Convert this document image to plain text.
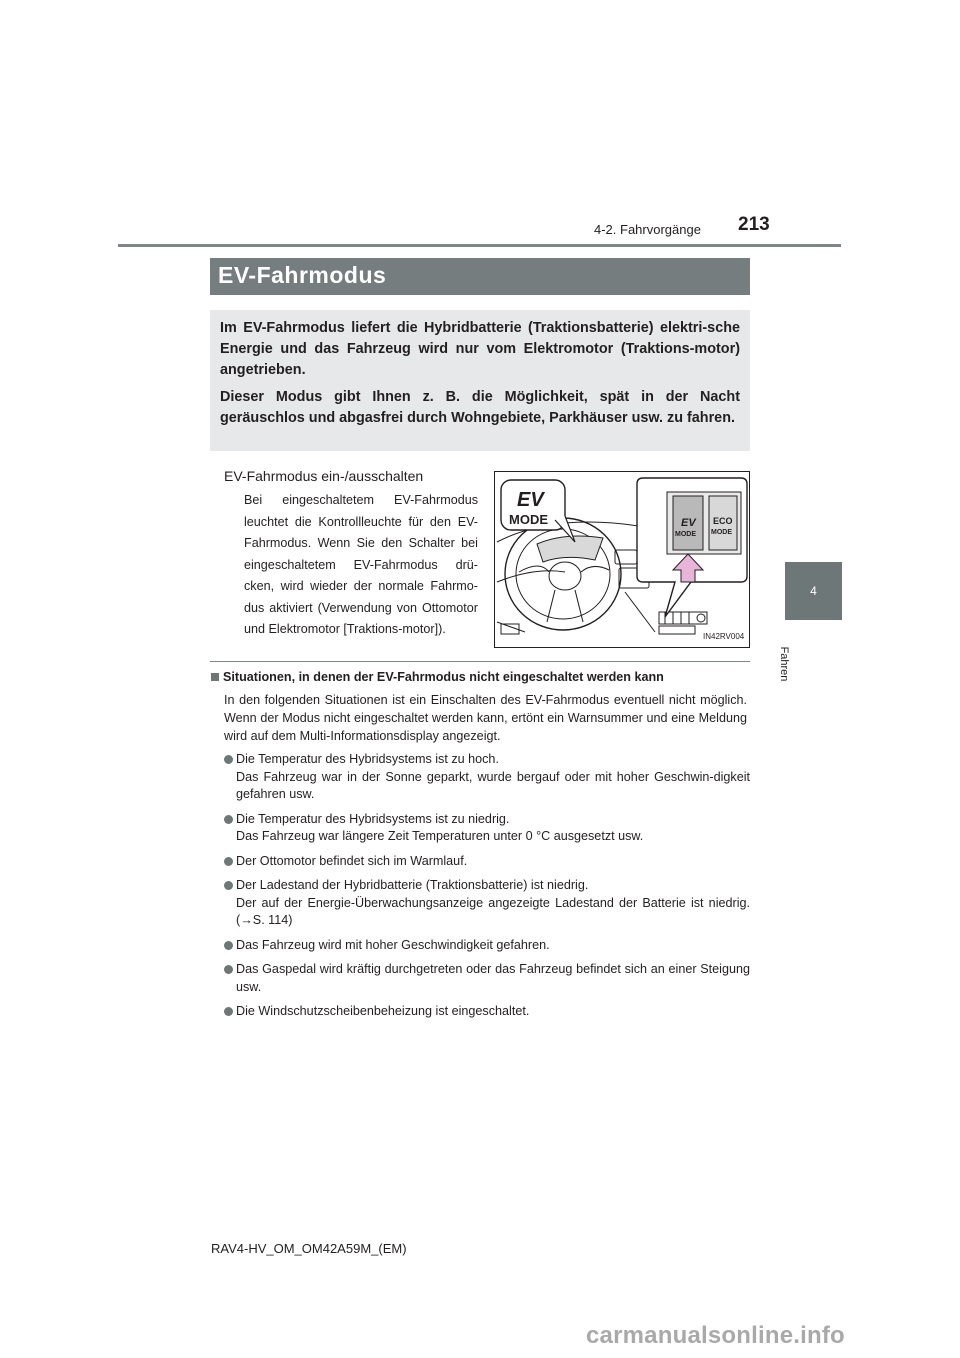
4-2. Fahrvorgänge 213
4
Fahren
EV-Fahrmodus

Im EV-Fahrmodus liefert die Hybridbatterie (Traktionsbatterie) elektri-sche Energie und das Fahrzeug wird nur vom Elektromotor (Traktions-motor) angetrieben.

Dieser Modus gibt Ihnen z. B. die Möglichkeit, spät in der Nacht geräuschlos und abgasfrei durch Wohngebiete, Parkhäuser usw. zu fahren.

EV-Fahrmodus ein-/ausschalten
Bei eingeschaltetem EV-Fahrmodus leuchtet die Kontrollleuchte für den EV-Fahrmodus. Wenn Sie den Schalter bei eingeschaltetem EV-Fahrmodus drü-cken, wird wieder der normale Fahrmo-dus aktiviert (Verwendung von Ottomotor und Elektromotor [Traktions-motor]).
EV
MODE	EV
MODE
ECO
MODE
IN42RV004
Situationen, in denen der EV-Fahrmodus nicht eingeschaltet werden kann
In den folgenden Situationen ist ein Einschalten des EV-Fahrmodus eventuell nicht möglich. Wenn der Modus nicht eingeschaltet werden kann, ertönt ein Warnsummer und eine Meldung wird auf dem Multi-Informationsdisplay angezeigt.

Die Temperatur des Hybridsystems ist zu hoch.

Das Fahrzeug war in der Sonne geparkt, wurde bergauf oder mit hoher Geschwin-digkeit gefahren usw.

Die Temperatur des Hybridsystems ist zu niedrig.

Das Fahrzeug war längere Zeit Temperaturen unter 0 °C ausgesetzt usw.

Der Ottomotor befindet sich im Warmlauf.

Der Ladestand der Hybridbatterie (Traktionsbatterie) ist niedrig.

Der auf der Energie-Überwachungsanzeige angezeigte Ladestand der Batterie ist niedrig. (→S. 114)

Das Fahrzeug wird mit hoher Geschwindigkeit gefahren.

Das Gaspedal wird kräftig durchgetreten oder das Fahrzeug befindet sich an einer Steigung usw.

Die Windschutzscheibenbeheizung ist eingeschaltet.

RAV4-HV_OM_OM42A59M_(EM)
carmanualsonline.info
